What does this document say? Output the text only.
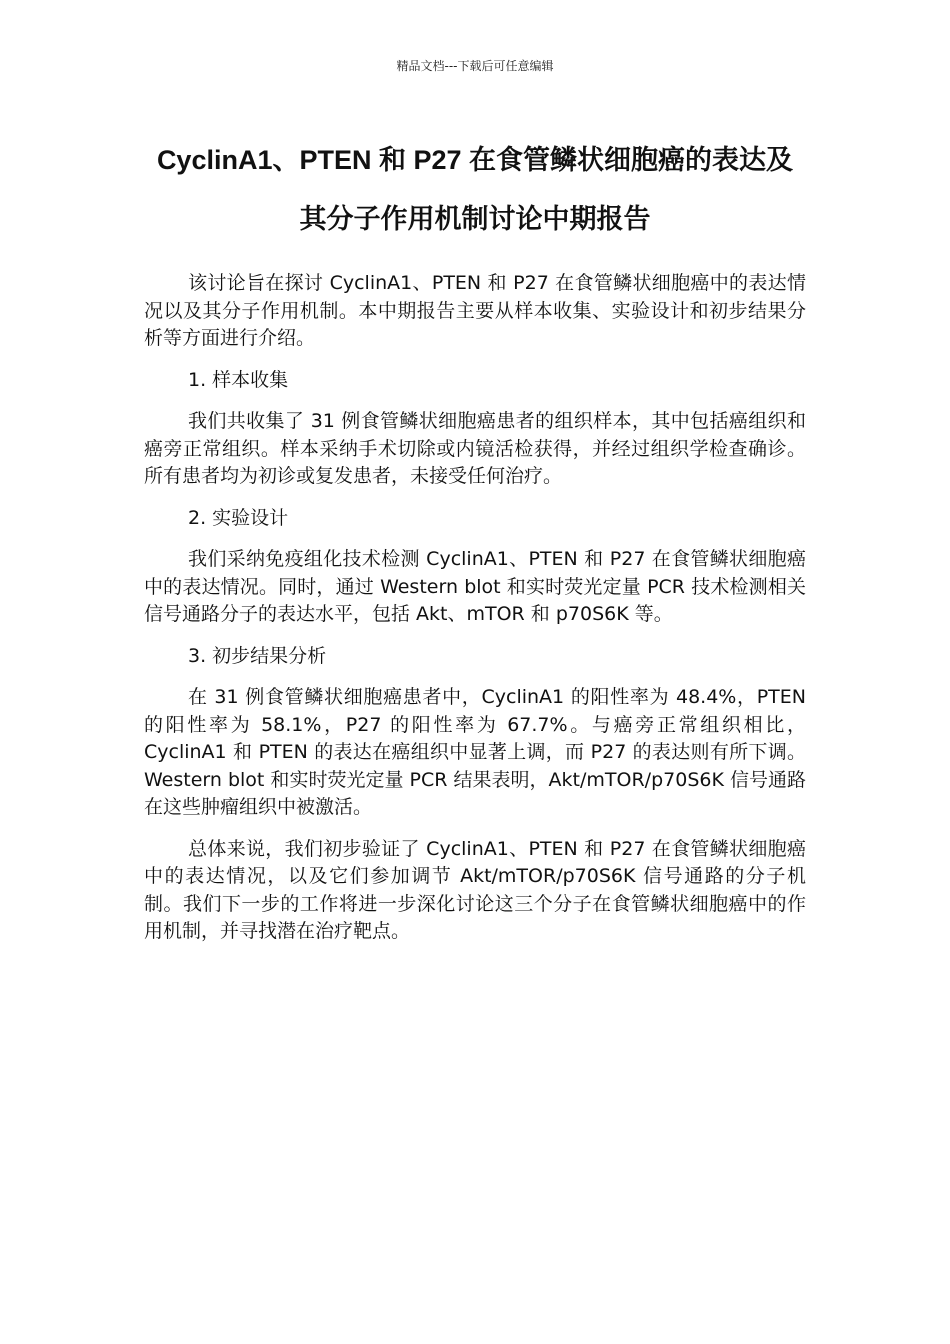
精品文档---下载后可任意编辑
CyclinA1、PTEN 和 P27 在食管鳞状细胞癌的表达及
其分子作用机制讨论中期报告

该讨论旨在探讨 CyclinA1、PTEN 和 P27 在食管鳞状细胞癌中的表达情况以及其分子作用机制。本中期报告主要从样本收集、实验设计和初步结果分析等方面进行介绍。

1. 样本收集

我们共收集了 31 例食管鳞状细胞癌患者的组织样本，其中包括癌组织和癌旁正常组织。样本采纳手术切除或内镜活检获得，并经过组织学检查确诊。所有患者均为初诊或复发患者，未接受任何治疗。

2. 实验设计

我们采纳免疫组化技术检测 CyclinA1、PTEN 和 P27 在食管鳞状细胞癌中的表达情况。同时，通过 Western blot 和实时荧光定量 PCR 技术检测相关信号通路分子的表达水平，包括 Akt、mTOR 和 p70S6K 等。

3. 初步结果分析

在 31 例食管鳞状细胞癌患者中，CyclinA1 的阳性率为 48.4%，PTEN 的阳性率为 58.1%，P27 的阳性率为 67.7%。与癌旁正常组织相比，CyclinA1 和 PTEN 的表达在癌组织中显著上调，而 P27 的表达则有所下调。Western blot 和实时荧光定量 PCR 结果表明，Akt/mTOR/p70S6K 信号通路在这些肿瘤组织中被激活。

总体来说，我们初步验证了 CyclinA1、PTEN 和 P27 在食管鳞状细胞癌中的表达情况，以及它们参加调节 Akt/mTOR/p70S6K 信号通路的分子机制。我们下一步的工作将进一步深化讨论这三个分子在食管鳞状细胞癌中的作用机制，并寻找潜在治疗靶点。
